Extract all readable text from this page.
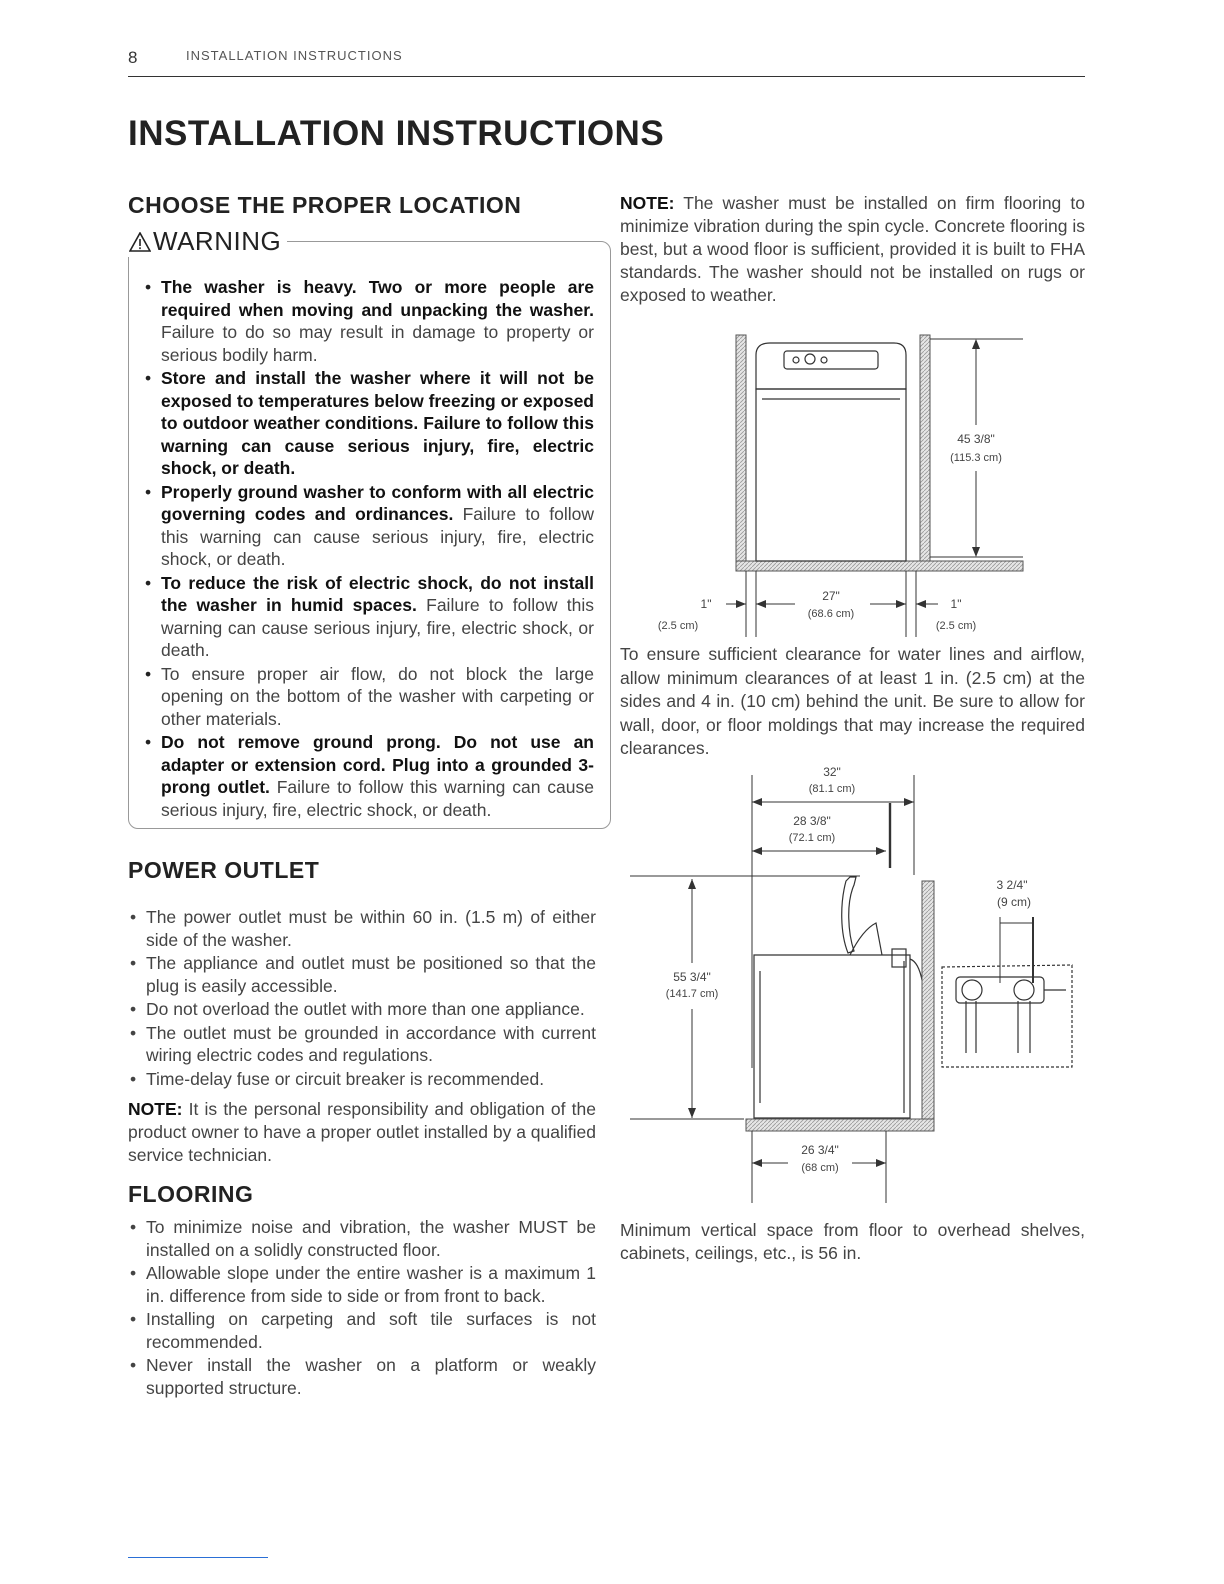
8	INSTALLATION INSTRUCTIONS
INSTALLATION INSTRUCTIONS
CHOOSE THE PROPER LOCATION
WARNING
• The washer is heavy. Two or more people are required when moving and unpacking the washer. Failure to do so may result in damage to property or serious bodily harm.
• Store and install the washer where it will not be exposed to temperatures below freezing or exposed to outdoor weather conditions. Failure to follow this warning can cause serious injury, fire, electric shock, or death.
• Properly ground washer to conform with all electric governing codes and ordinances. Failure to follow this warning can cause serious injury, fire, electric shock, or death.
• To reduce the risk of electric shock, do not install the washer in humid spaces. Failure to follow this warning can cause serious injury, fire, electric shock, or death.
• To ensure proper air flow, do not block the large opening on the bottom of the washer with carpeting or other materials.
• Do not remove ground prong. Do not use an adapter or extension cord. Plug into a grounded 3-prong outlet. Failure to follow this warning can cause serious injury, fire, electric shock, or death.
POWER OUTLET
• The power outlet must be within 60 in. (1.5 m) of either side of the washer.
• The appliance and outlet must be positioned so that the plug is easily accessible.
• Do not overload the outlet with more than one appliance.
• The outlet must be grounded in accordance with current wiring electric codes and regulations.
• Time-delay fuse or circuit breaker is recommended.

NOTE: It is the personal responsibility and obligation of the product owner to have a proper outlet installed by a qualified service technician.

FLOORING
• To minimize noise and vibration, the washer MUST be installed on a solidly constructed floor.
• Allowable slope under the entire washer is a maximum 1 in. difference from side to side or from front to back.
• Installing on carpeting and soft tile surfaces is not recommended.
• Never install the washer on a platform or weakly supported structure.

NOTE: The washer must be installed on firm flooring to minimize vibration during the spin cycle. Concrete flooring is best, but a wood floor is sufficient, provided it is built to FHA standards. The washer should not be installed on rugs or exposed to weather.

45 3/8"
(115.3 cm)
27"
(68.6 cm)
1"
(2.5 cm)
1"
(2.5 cm)

To ensure sufficient clearance for water lines and airflow, allow minimum clearances of at least 1 in. (2.5 cm) at the sides and 4 in. (10 cm) behind the unit. Be sure to allow for wall, door, or floor moldings that may increase the required clearances.

32"
(81.1 cm)
28 3/8"
(72.1 cm)
55 3/4"
(141.7 cm)
3 2/4"
(9 cm)
26 3/4"
(68 cm)

Minimum vertical space from floor to overhead shelves, cabinets, ceilings, etc., is 56 in.
